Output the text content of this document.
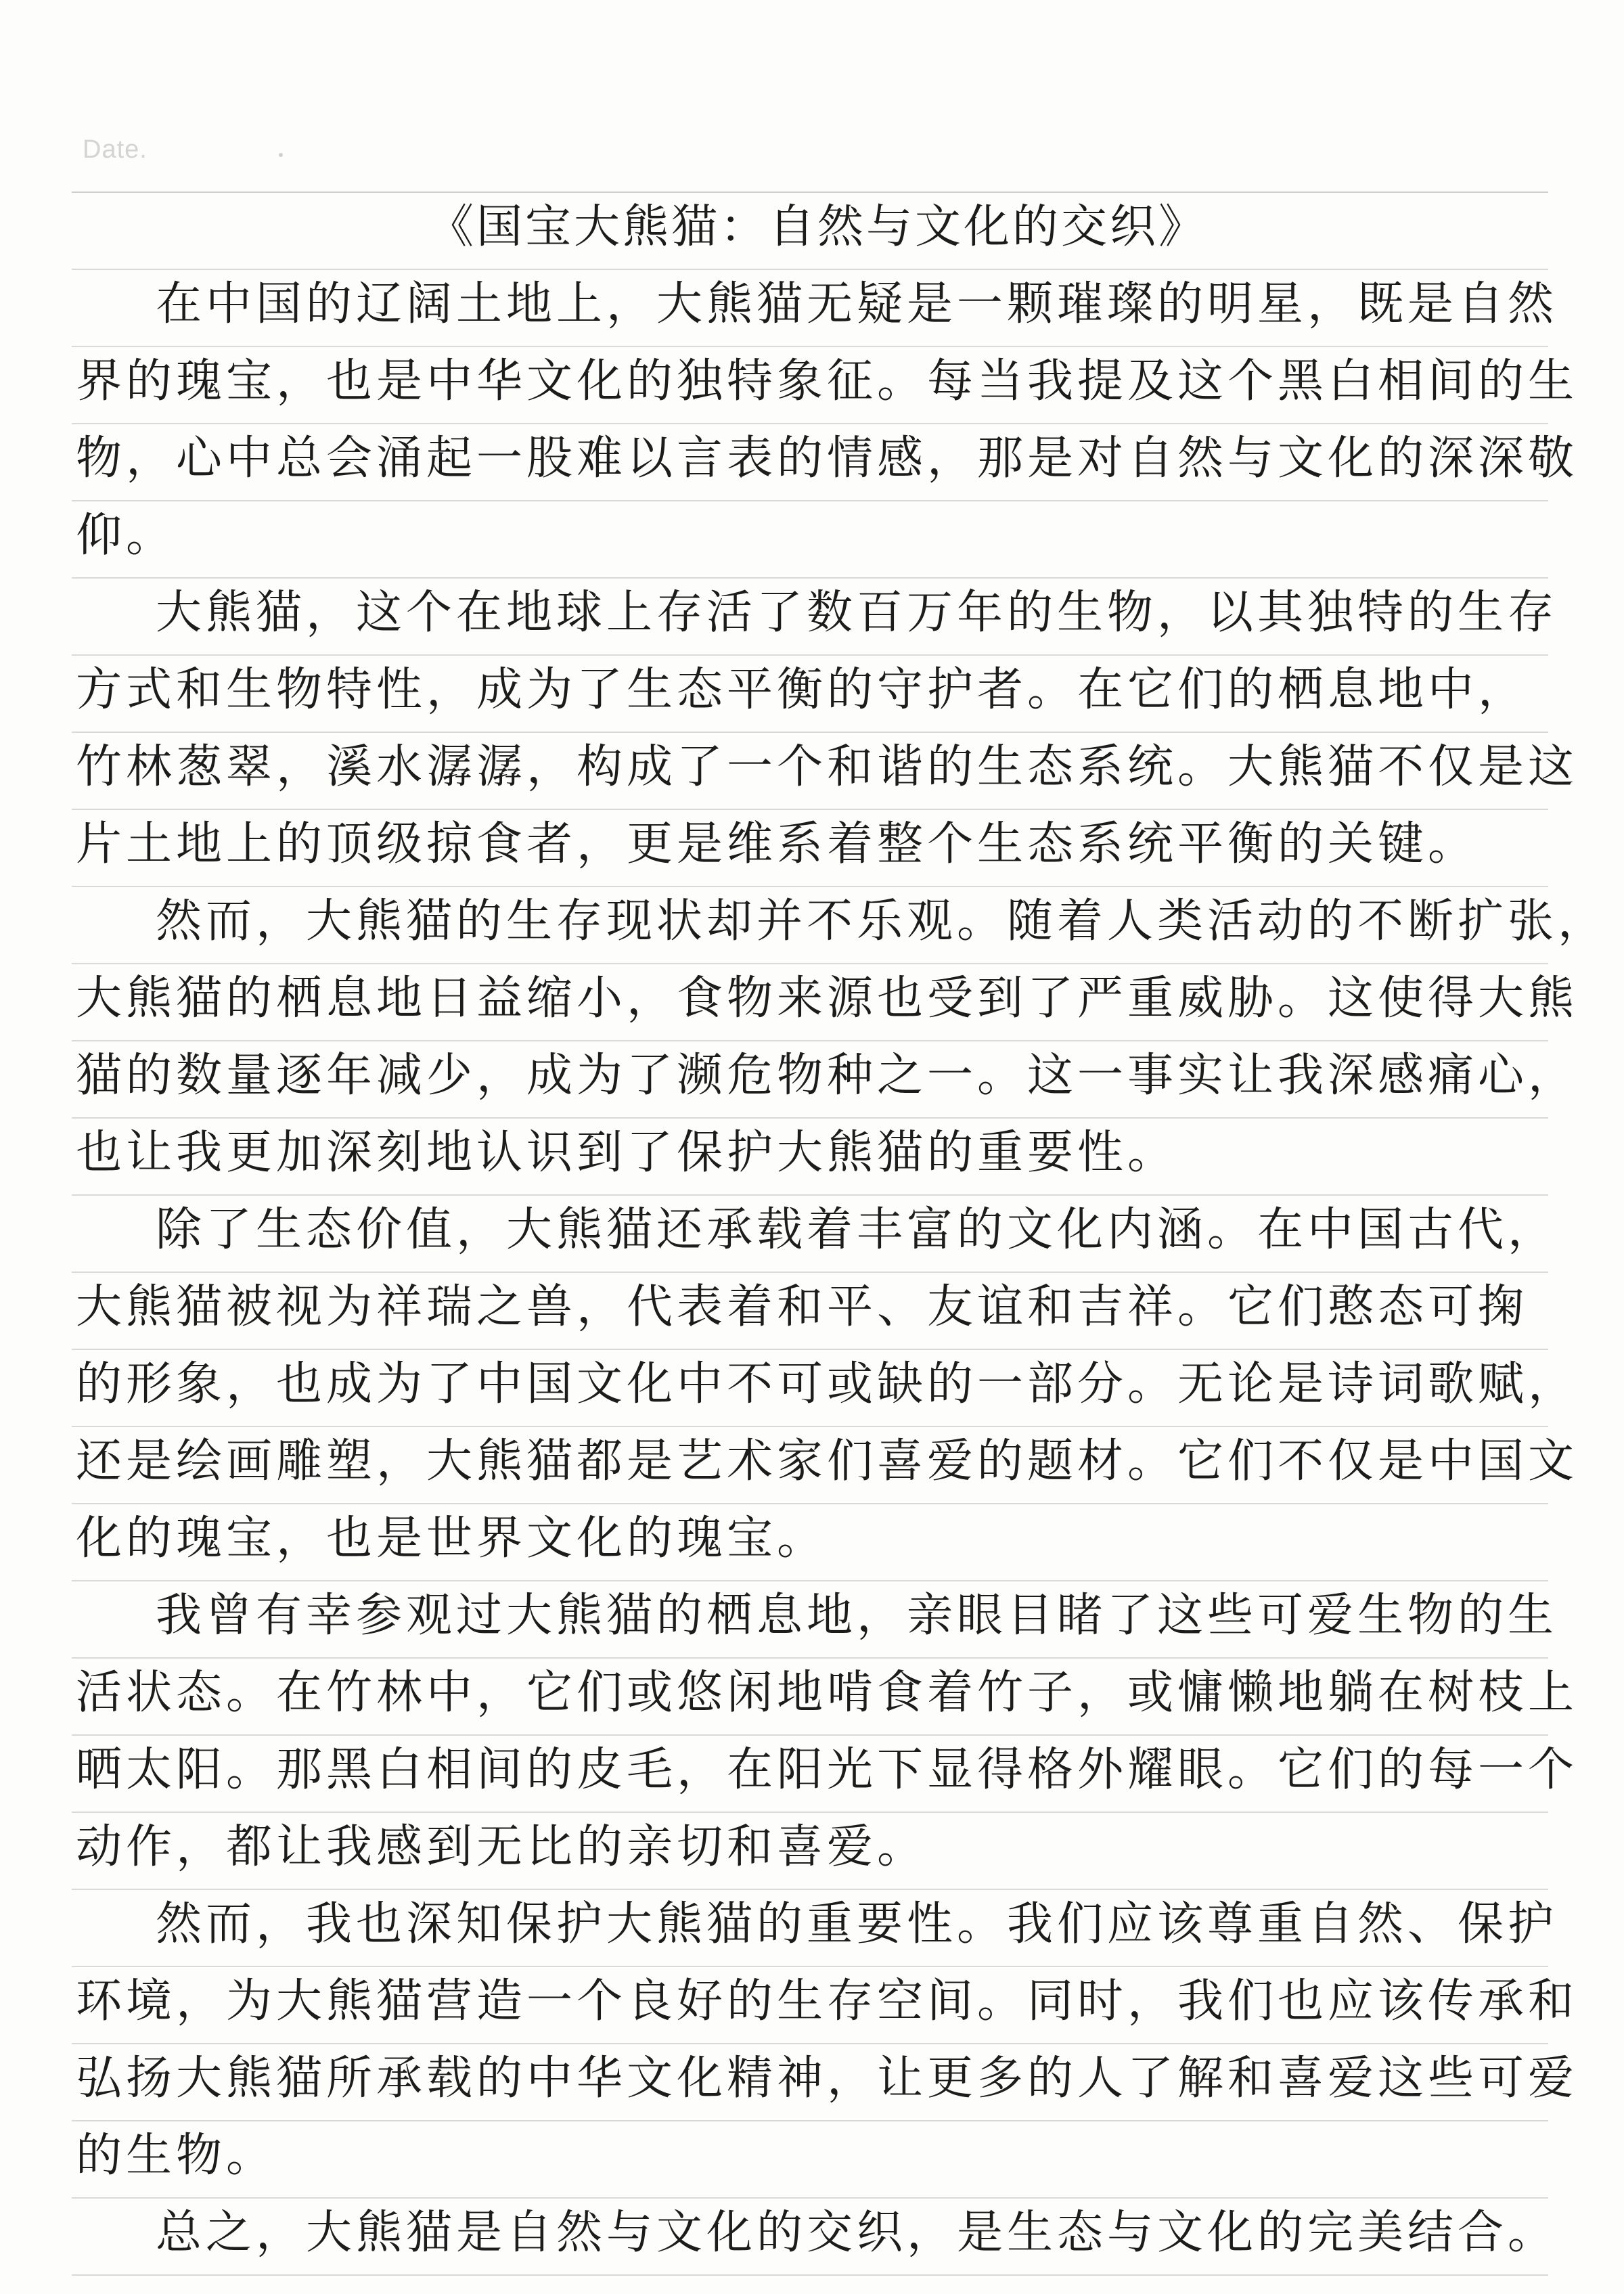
Date.
《国宝大熊猫：自然与文化的交织》
在中国的辽阔土地上，大熊猫无疑是一颗璀璨的明星，既是自然
界的瑰宝，也是中华文化的独特象征。每当我提及这个黑白相间的生
物，心中总会涌起一股难以言表的情感，那是对自然与文化的深深敬
仰。
大熊猫，这个在地球上存活了数百万年的生物，以其独特的生存
方式和生物特性，成为了生态平衡的守护者。在它们的栖息地中，
竹林葱翠，溪水潺潺，构成了一个和谐的生态系统。大熊猫不仅是这
片土地上的顶级掠食者，更是维系着整个生态系统平衡的关键。
然而，大熊猫的生存现状却并不乐观。随着人类活动的不断扩张，
大熊猫的栖息地日益缩小，食物来源也受到了严重威胁。这使得大熊
猫的数量逐年减少，成为了濒危物种之一。这一事实让我深感痛心，
也让我更加深刻地认识到了保护大熊猫的重要性。
除了生态价值，大熊猫还承载着丰富的文化内涵。在中国古代，
大熊猫被视为祥瑞之兽，代表着和平、友谊和吉祥。它们憨态可掬
的形象，也成为了中国文化中不可或缺的一部分。无论是诗词歌赋，
还是绘画雕塑，大熊猫都是艺术家们喜爱的题材。它们不仅是中国文
化的瑰宝，也是世界文化的瑰宝。
我曾有幸参观过大熊猫的栖息地，亲眼目睹了这些可爱生物的生
活状态。在竹林中，它们或悠闲地啃食着竹子，或慵懒地躺在树枝上
晒太阳。那黑白相间的皮毛，在阳光下显得格外耀眼。它们的每一个
动作，都让我感到无比的亲切和喜爱。
然而，我也深知保护大熊猫的重要性。我们应该尊重自然、保护
环境，为大熊猫营造一个良好的生存空间。同时，我们也应该传承和
弘扬大熊猫所承载的中华文化精神，让更多的人了解和喜爱这些可爱
的生物。
总之，大熊猫是自然与文化的交织，是生态与文化的完美结合。
